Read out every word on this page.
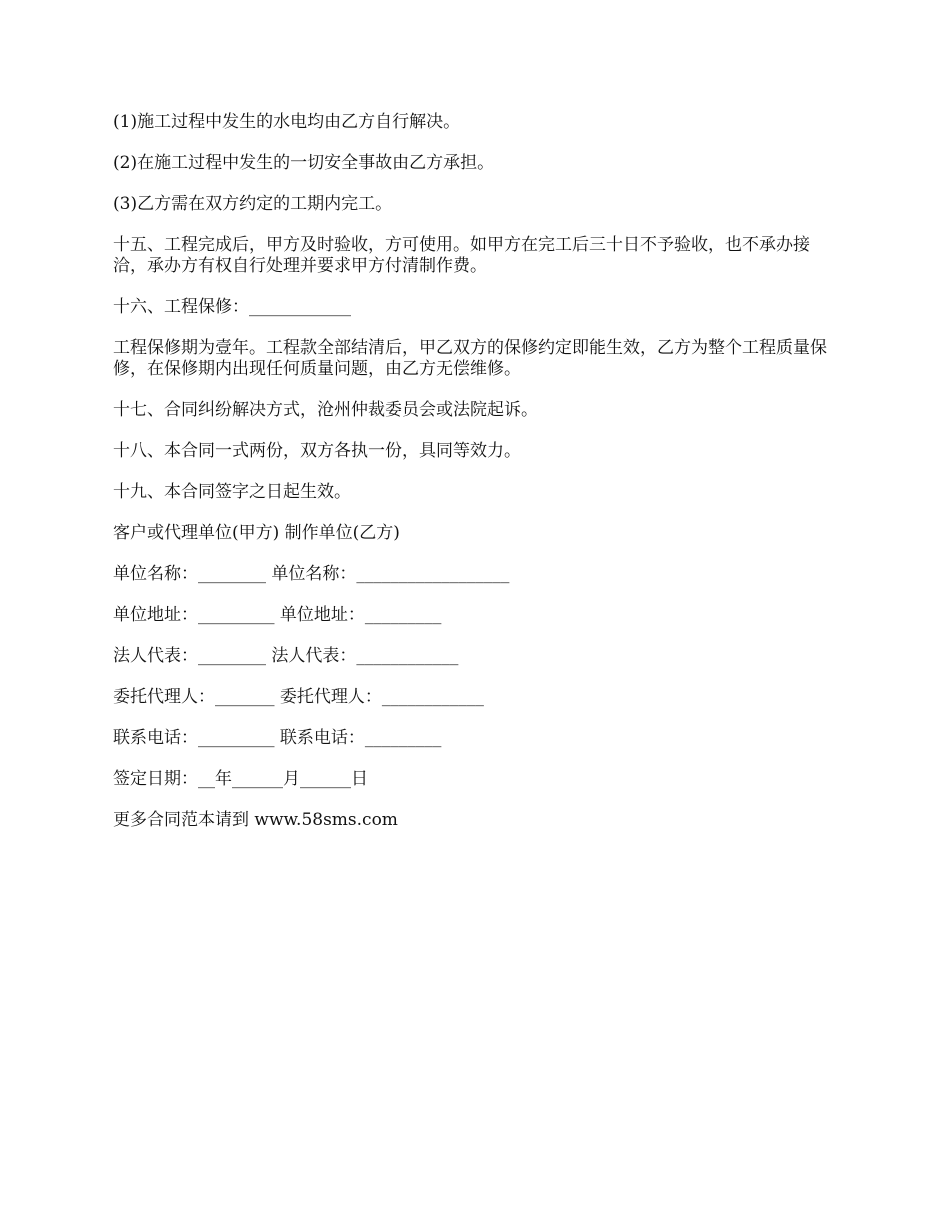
(1)施工过程中发生的水电均由乙方自行解决。

(2)在施工过程中发生的一切安全事故由乙方承担。

(3)乙方需在双方约定的工期内完工。

十五、工程完成后，甲方及时验收，方可使用。如甲方在完工后三十日不予验收，也不承办接洽，承办方有权自行处理并要求甲方付清制作费。

十六、工程保修：____________

工程保修期为壹年。工程款全部结清后，甲乙双方的保修约定即能生效，乙方为整个工程质量保修，在保修期内出现任何质量问题，由乙方无偿维修。

十七、合同纠纷解决方式，沧州仲裁委员会或法院起诉。

十八、本合同一式两份，双方各执一份，具同等效力。

十九、本合同签字之日起生效。

客户或代理单位(甲方) 制作单位(乙方)

单位名称：________ 单位名称：__________________

单位地址：_________ 单位地址：_________

法人代表：________ 法人代表：____________

委托代理人：_______ 委托代理人：____________

联系电话：_________ 联系电话：_________

签定日期：__年______月______日

更多合同范本请到 www.58sms.com
